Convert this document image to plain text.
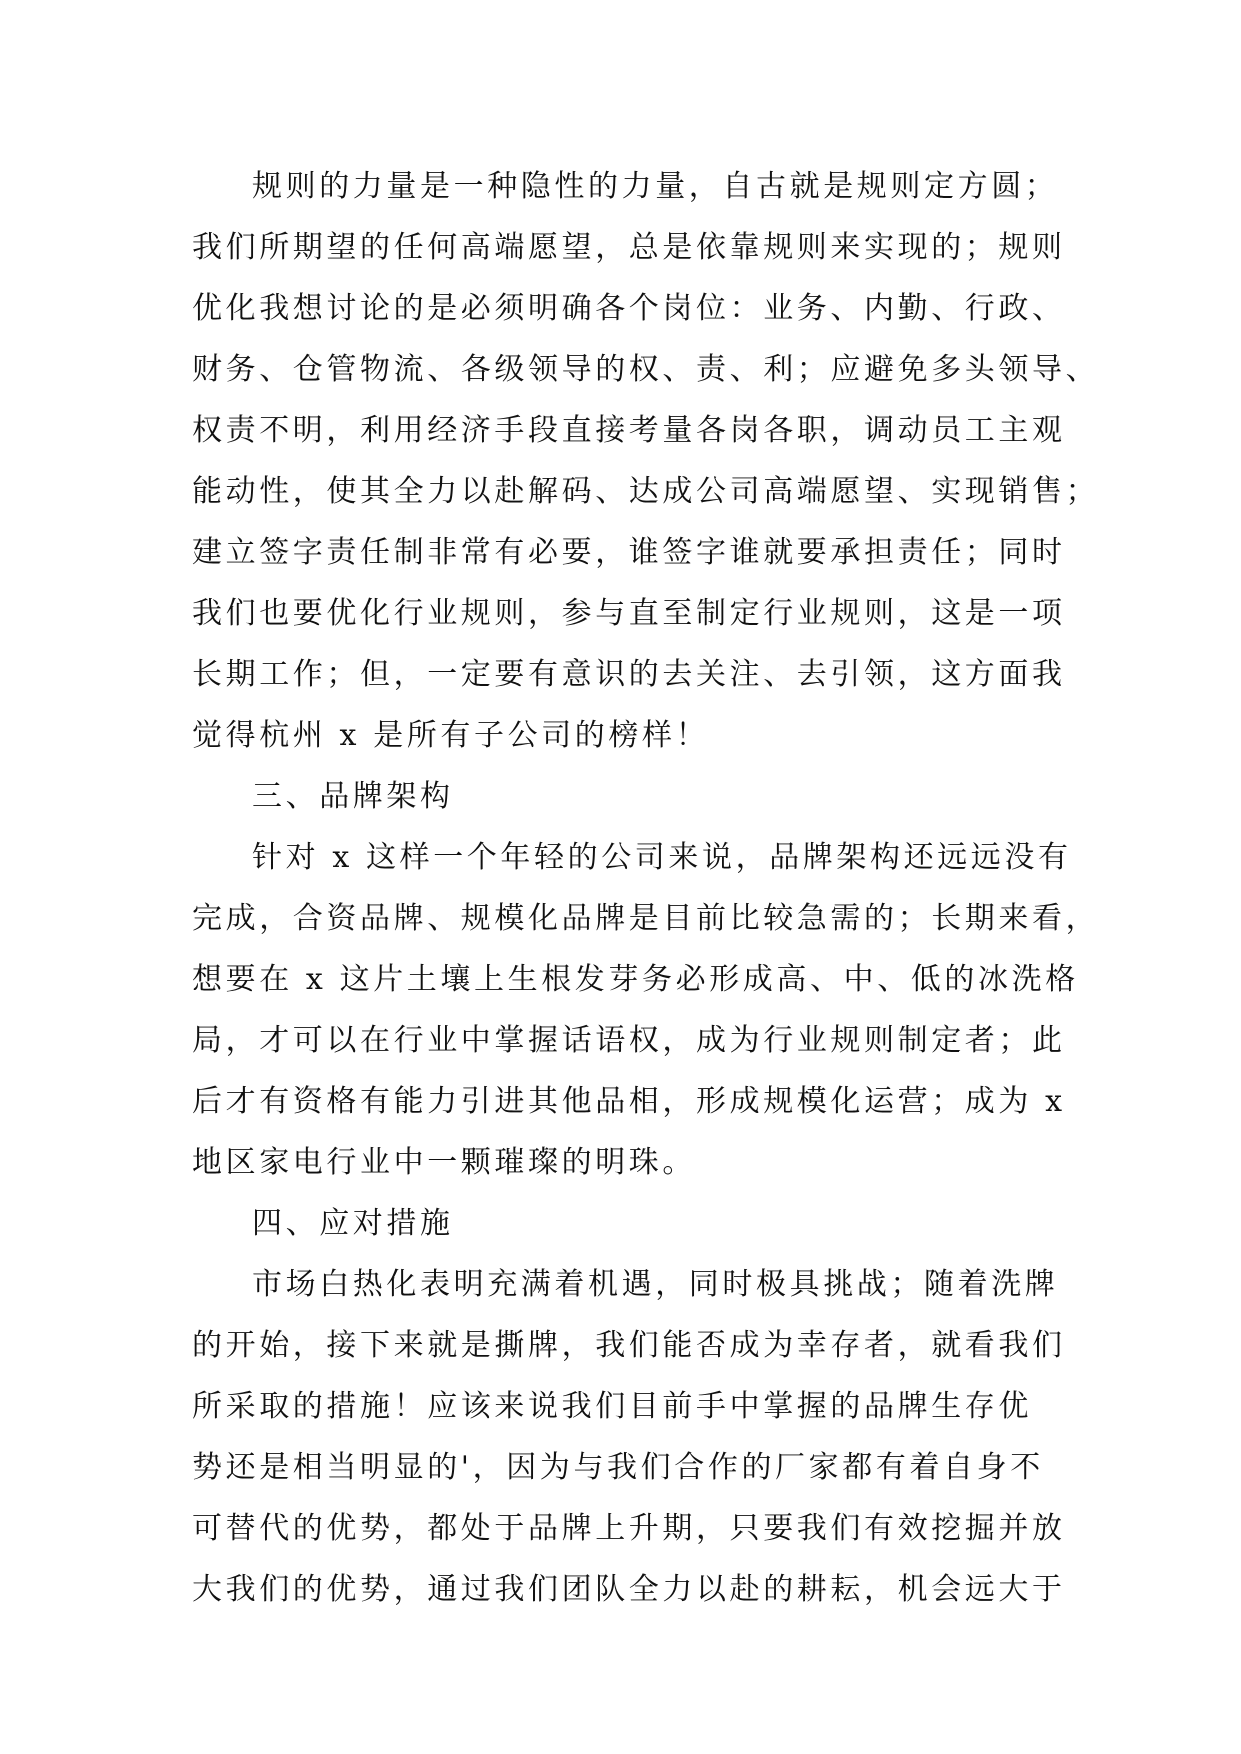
规则的力量是一种隐性的力量，自古就是规则定方圆；
我们所期望的任何高端愿望，总是依靠规则来实现的；规则
优化我想讨论的是必须明确各个岗位：业务、内勤、行政、
财务、仓管物流、各级领导的权、责、利；应避免多头领导、
权责不明，利用经济手段直接考量各岗各职，调动员工主观
能动性，使其全力以赴解码、达成公司高端愿望、实现销售；
建立签字责任制非常有必要，谁签字谁就要承担责任；同时
我们也要优化行业规则，参与直至制定行业规则，这是一项
长期工作；但，一定要有意识的去关注、去引领，这方面我
觉得杭州 x 是所有子公司的榜样！
三、品牌架构
针对 x 这样一个年轻的公司来说，品牌架构还远远没有
完成，合资品牌、规模化品牌是目前比较急需的；长期来看，
想要在 x 这片土壤上生根发芽务必形成高、中、低的冰洗格
局，才可以在行业中掌握话语权，成为行业规则制定者；此
后才有资格有能力引进其他品相，形成规模化运营；成为 x
地区家电行业中一颗璀璨的明珠。
四、应对措施
市场白热化表明充满着机遇，同时极具挑战；随着洗牌
的开始，接下来就是撕牌，我们能否成为幸存者，就看我们
所采取的措施！应该来说我们目前手中掌握的品牌生存优
势还是相当明显的'，因为与我们合作的厂家都有着自身不
可替代的优势，都处于品牌上升期，只要我们有效挖掘并放
大我们的优势，通过我们团队全力以赴的耕耘，机会远大于
